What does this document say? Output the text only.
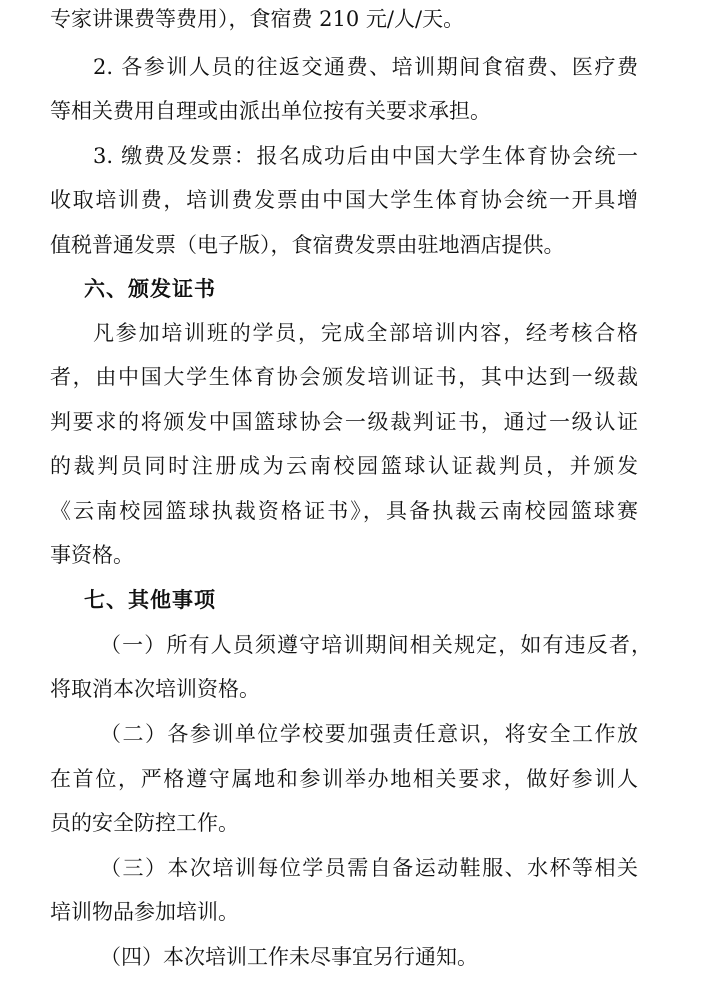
专家讲课费等费用），食宿费 210 元/人/天。
2. 各参训人员的往返交通费、培训期间食宿费、医疗费
等相关费用自理或由派出单位按有关要求承担。
3. 缴费及发票：报名成功后由中国大学生体育协会统一
收取培训费，培训费发票由中国大学生体育协会统一开具增
值税普通发票（电子版），食宿费发票由驻地酒店提供。
六、颁发证书
凡参加培训班的学员，完成全部培训内容，经考核合格
者，由中国大学生体育协会颁发培训证书，其中达到一级裁
判要求的将颁发中国篮球协会一级裁判证书，通过一级认证
的裁判员同时注册成为云南校园篮球认证裁判员，并颁发
《云南校园篮球执裁资格证书》，具备执裁云南校园篮球赛
事资格。
七、其他事项
（一）所有人员须遵守培训期间相关规定，如有违反者，
将取消本次培训资格。
（二）各参训单位学校要加强责任意识，将安全工作放
在首位，严格遵守属地和参训举办地相关要求，做好参训人
员的安全防控工作。
（三）本次培训每位学员需自备运动鞋服、水杯等相关
培训物品参加培训。
（四）本次培训工作未尽事宜另行通知。
